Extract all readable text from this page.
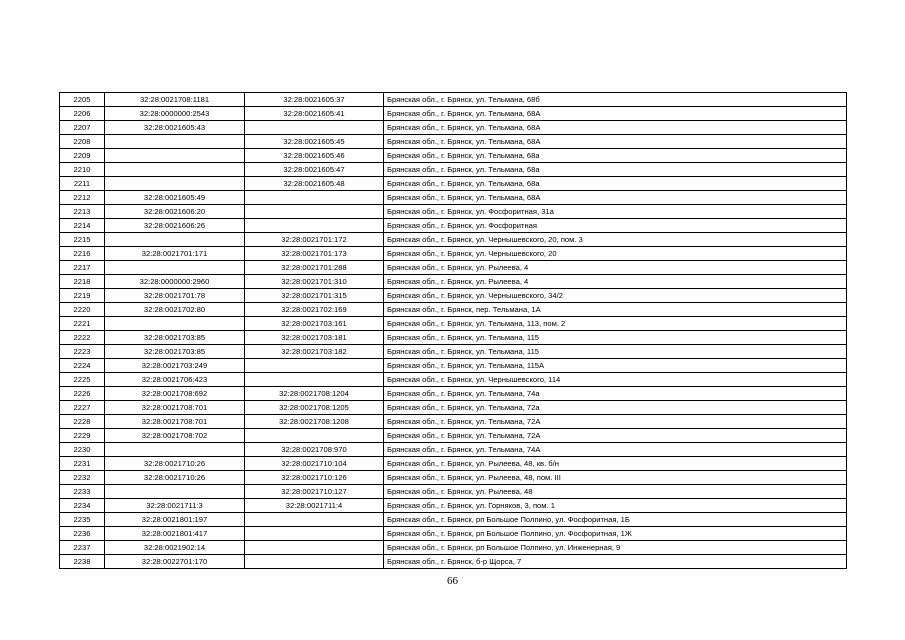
2205	32:28:0021708:1181	32:28:0021605:37	Брянская обл., г. Брянск, ул. Тельмана, 68б
2206	32:28:0000000:2543	32:28:0021605:41	Брянская обл., г. Брянск, ул. Тельмана, 68А
2207	32:28:0021605:43		Брянская обл., г. Брянск, ул. Тельмана, 68А
2208		32:28:0021605:45	Брянская обл., г. Брянск, ул. Тельмана, 68А
2209		32:28:0021605:46	Брянская обл., г. Брянск, ул. Тельмана, 68а
2210		32:28:0021605:47	Брянская обл., г. Брянск, ул. Тельмана, 68а
2211		32:28:0021605:48	Брянская обл., г. Брянск, ул. Тельмана, 68а
2212	32:28:0021605:49		Брянская обл., г. Брянск, ул. Тельмана, 68А
2213	32:28:0021606:20		Брянская обл., г. Брянск, ул. Фосфоритная, 31а
2214	32:28:0021606:26		Брянская обл., г. Брянск, ул. Фосфоритная
2215		32:28:0021701:172	Брянская обл., г. Брянск, ул. Чернышевского, 20, пом. 3
2216	32:28:0021701:171	32:28:0021701:173	Брянская обл., г. Брянск, ул. Чернышевского, 20
2217		32:28:0021701:288	Брянская обл., г. Брянск, ул. Рылеева, 4
2218	32:28:0000000:2960	32:28:0021701:310	Брянская обл., г. Брянск, ул. Рылеева, 4
2219	32:28:0021701:78	32:28:0021701:315	Брянская обл., г. Брянск, ул. Чернышевского, 34/2
2220	32:28:0021702:80	32:28:0021702:169	Брянская обл., г. Брянск, пер. Тельмана, 1А
2221		32:28:0021703:161	Брянская обл., г. Брянск, ул. Тельмана, 113, пом. 2
2222	32:28:0021703:85	32:28:0021703:181	Брянская обл., г. Брянск, ул. Тельмана, 115
2223	32:28:0021703:85	32:28:0021703:182	Брянская обл., г. Брянск, ул. Тельмана, 115
2224	32:28:0021703:249		Брянская обл., г. Брянск, ул. Тельмана, 115А
2225	32:28:0021706:423		Брянская обл., г. Брянск, ул. Чернышевского, 114
2226	32:28:0021708:692	32:28:0021708:1204	Брянская обл., г. Брянск, ул. Тельмана, 74а
2227	32:28:0021708:701	32:28:0021708:1205	Брянская обл., г. Брянск, ул. Тельмана, 72а
2228	32:28:0021708:701	32:28:0021708:1208	Брянская обл., г. Брянск, ул. Тельмана, 72А
2229	32:28:0021708:702		Брянская обл., г. Брянск, ул. Тельмана, 72А
2230		32:28:0021708:970	Брянская обл., г. Брянск, ул. Тельмана, 74А
2231	32:28:0021710:26	32:28:0021710:104	Брянская обл., г. Брянск, ул. Рылеева, 48, кв. б/н
2232	32:28:0021710:26	32:28:0021710:126	Брянская обл., г. Брянск, ул. Рылеева, 48, пом. III
2233		32:28:0021710:127	Брянская обл., г. Брянск, ул. Рылеева, 48
2234	32:28:0021711:3	32:28:0021711:4	Брянская обл., г. Брянск, ул. Горняков, 3, пом. 1
2235	32:28:0021801:197		Брянская обл., г. Брянск, рп Большое Полпино, ул. Фосфоритная, 1Б
2236	32:28:0021801:417		Брянская обл., г. Брянск, рп Большое Полпино, ул. Фосфоритная, 1Ж
2237	32:28:0021902:14		Брянская обл., г. Брянск, рп Большое Полпино, ул. Инженерная, 9
2238	32:28:0022701:170		Брянская обл., г. Брянск, б-р Щорса, 7
66
